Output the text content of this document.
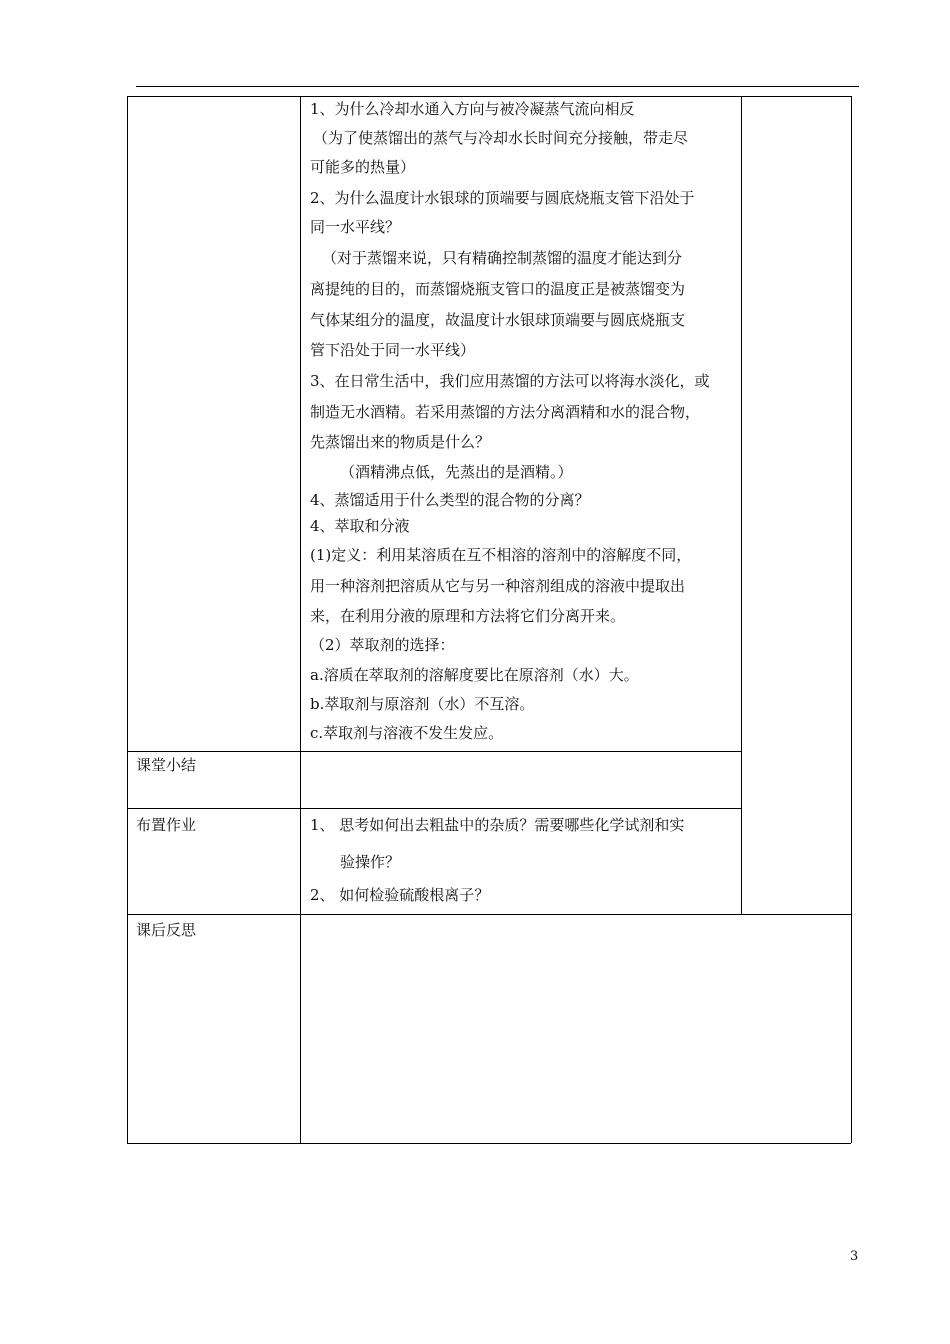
1、为什么冷却水通入方向与被冷凝蒸气流向相反
（为了使蒸馏出的蒸气与冷却水长时间充分接触，带走尽
可能多的热量）
2、为什么温度计水银球的顶端要与圆底烧瓶支管下沿处于
同一水平线？
（对于蒸馏来说，只有精确控制蒸馏的温度才能达到分
离提纯的目的，而蒸馏烧瓶支管口的温度正是被蒸馏变为
气体某组分的温度，故温度计水银球顶端要与圆底烧瓶支
管下沿处于同一水平线）
3、在日常生活中，我们应用蒸馏的方法可以将海水淡化，或
制造无水酒精。若采用蒸馏的方法分离酒精和水的混合物，
先蒸馏出来的物质是什么？
（酒精沸点低，先蒸出的是酒精。）
4、蒸馏适用于什么类型的混合物的分离？
4、萃取和分液
(1)定义：利用某溶质在互不相溶的溶剂中的溶解度不同，
用一种溶剂把溶质从它与另一种溶剂组成的溶液中提取出
来，在利用分液的原理和方法将它们分离开来。
（2）萃取剂的选择：
a.溶质在萃取剂的溶解度要比在原溶剂（水）大。
b.萃取剂与原溶剂（水）不互溶。
c.萃取剂与溶液不发生发应。
课堂小结
布置作业
课后反思
1、 思考如何出去粗盐中的杂质？需要哪些化学试剂和实
验操作？
2、 如何检验硫酸根离子？
3
